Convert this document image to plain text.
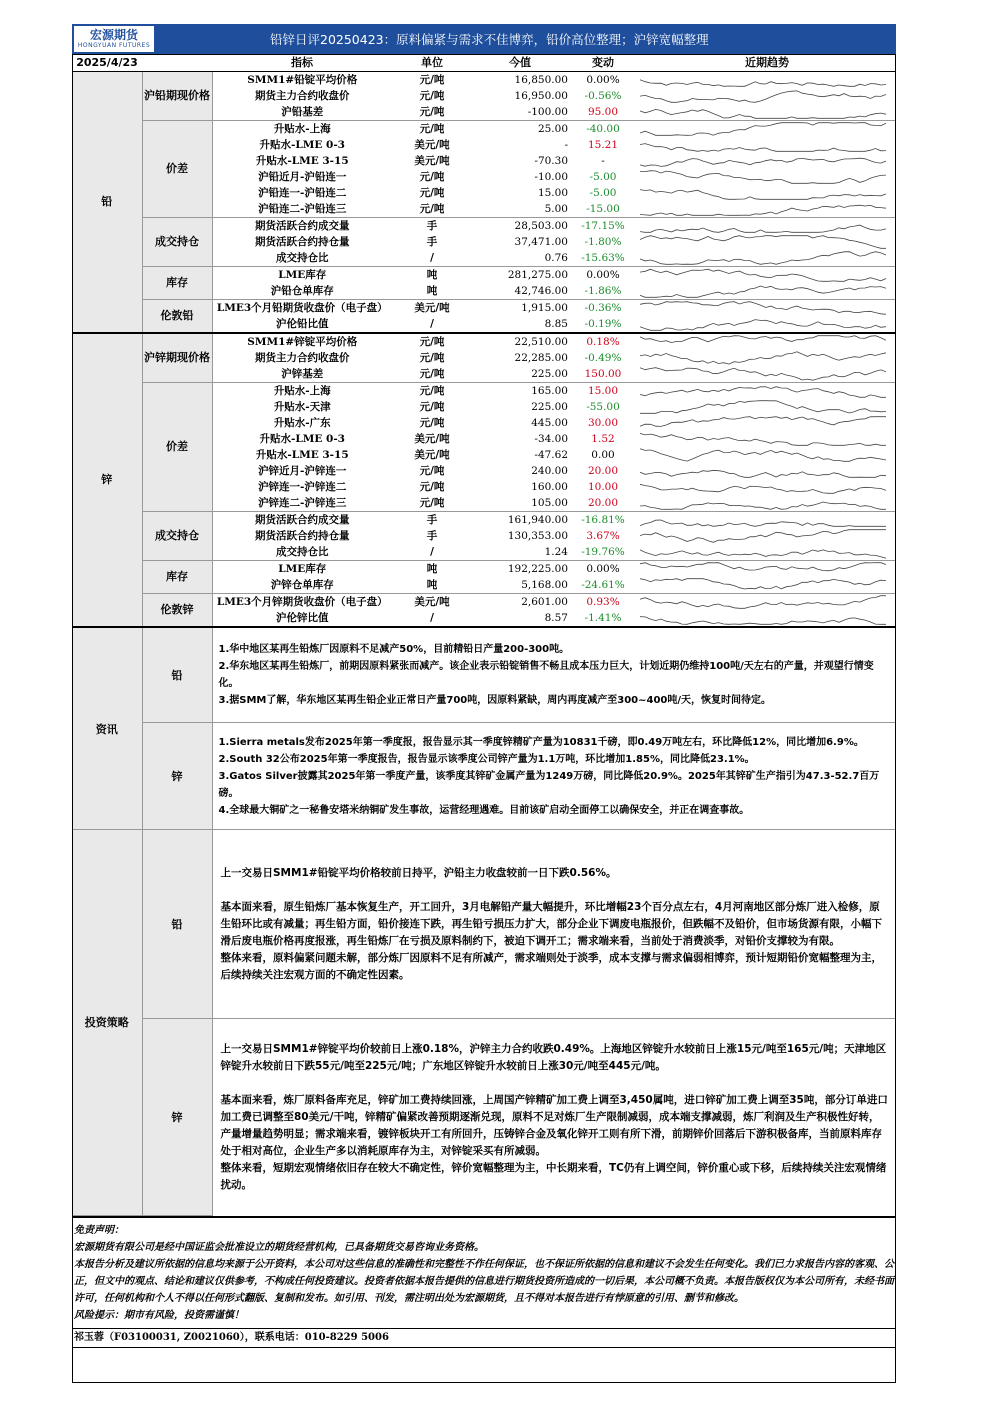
宏源期货
HONGYUAN FUTURES	铅锌日评20250423：原料偏紧与需求不佳博弈，铅价高位整理；沪锌宽幅整理
2025/4/23		指标	单位	今值	变动	近期趋势
铅	沪铅期现价格	SMM1#铅锭平均价格	元/吨	16,850.00	0.00%	

		期货主力合约收盘价	元/吨	16,950.00	-0.56%	

		沪铅基差	元/吨	-100.00	95.00	

	价差	升贴水-上海	元/吨	25.00	-40.00	

		升贴水-LME 0-3	美元/吨	-	15.21	

		升贴水-LME 3-15	美元/吨	-70.30	-	

		沪铅近月-沪铅连一	元/吨	-10.00	-5.00	

		沪铅连一-沪铅连二	元/吨	15.00	-5.00	

		沪铅连二-沪铅连三	元/吨	5.00	-15.00	

	成交持仓	期货活跃合约成交量	手	28,503.00	-17.15%	

		期货活跃合约持仓量	手	37,471.00	-1.80%	

		成交持仓比	/	0.76	-15.63%	

	库存	LME库存	吨	281,275.00	0.00%	

		沪铅仓单库存	吨	42,746.00	-1.86%	

	伦敦铅	LME3个月铅期货收盘价（电子盘）	美元/吨	1,915.00	-0.36%	

		沪伦铅比值	/	8.85	-0.19%	

锌	沪锌期现价格	SMM1#锌锭平均价格	元/吨	22,510.00	0.18%	

		期货主力合约收盘价	元/吨	22,285.00	-0.49%	

		沪锌基差	元/吨	225.00	150.00	

	价差	升贴水-上海	元/吨	165.00	15.00	

		升贴水-天津	元/吨	225.00	-55.00	

		升贴水-广东	元/吨	445.00	30.00	

		升贴水-LME 0-3	美元/吨	-34.00	1.52	

		升贴水-LME 3-15	美元/吨	-47.62	0.00	

		沪锌近月-沪锌连一	元/吨	240.00	20.00	

		沪锌连一-沪锌连二	元/吨	160.00	10.00	

		沪锌连二-沪锌连三	元/吨	105.00	20.00	

	成交持仓	期货活跃合约成交量	手	161,940.00	-16.81%	

		期货活跃合约持仓量	手	130,353.00	3.67%	

		成交持仓比	/	1.24	-19.76%	

	库存	LME库存	吨	192,225.00	0.00%	

		沪锌仓单库存	吨	5,168.00	-24.61%	

	伦敦锌	LME3个月锌期货收盘价（电子盘）	美元/吨	2,601.00	0.93%	

		沪伦锌比值	/	8.57	-1.41%	
资讯	铅	1.华中地区某再生铅炼厂因原料不足减产50%，目前精铅日产量200-300吨。

2.华东地区某再生铅炼厂，前期因原料紧张而减产。该企业表示铅锭销售不畅且成本压力巨大，计划近期仍维持100吨/天左右的产量，并观望行情变化。

3.据SMM了解，华东地区某再生铅企业正常日产量700吨，因原料紧缺，周内再度减产至300~400吨/天，恢复时间待定。

	锌	1.Sierra metals发布2025年第一季度报，报告显示其一季度锌精矿产量为10831千磅，即0.49万吨左右，环比降低12%，同比增加6.9%。

2.South 32公布2025年第一季度报告，报告显示该季度公司锌产量为1.1万吨，环比增加1.85%，同比降低23.1%。

3.Gatos Silver披露其2025年第一季度产量，该季度其锌矿金属产量为1249万磅，同比降低20.9%。2025年其锌矿生产指引为47.3-52.7百万磅。

4.全球最大铜矿之一秘鲁安塔米纳铜矿发生事故，运营经理遇难。目前该矿启动全面停工以确保安全，并正在调查事故。

投资策略	铅	上一交易日SMM1#铅锭平均价格较前日持平，沪铅主力收盘较前一日下跌0.56%。

基本面来看，原生铅炼厂基本恢复生产，开工回升，3月电解铅产量大幅提升，环比增幅23个百分点左右，4月河南地区部分炼厂进入检修，原生铅环比或有减量；再生铅方面，铅价接连下跌，再生铅亏损压力扩大，部分企业下调废电瓶报价，但跌幅不及铅价，但市场货源有限，小幅下滑后废电瓶价格再度报涨，再生铅炼厂在亏损及原料制约下，被迫下调开工；需求端来看，当前处于消费淡季，对铅价支撑较为有限。

整体来看，原料偏紧问题未解，部分炼厂因原料不足有所减产，需求端则处于淡季，成本支撑与需求偏弱相博弈，预计短期铅价宽幅整理为主，后续持续关注宏观方面的不确定性因素。

	锌	上一交易日SMM1#锌锭平均价较前日上涨0.18%，沪锌主力合约收跌0.49%。上海地区锌锭升水较前日上涨15元/吨至165元/吨；天津地区锌锭升水较前日下跌55元/吨至225元/吨；广东地区锌锭升水较前日上涨30元/吨至445元/吨。

基本面来看，炼厂原料备库充足，锌矿加工费持续回涨，上周国产锌精矿加工费上调至3,450属吨，进口锌矿加工费上调至35吨，部分订单进口加工费已调整至80美元/干吨，锌精矿偏紧改善预期逐渐兑现，原料不足对炼厂生产限制减弱，成本端支撑减弱，炼厂利润及生产积极性好转，产量增量趋势明显；需求端来看，镀锌板块开工有所回升，压铸锌合金及氧化锌开工则有所下滑，前期锌价回落后下游积极备库，当前原料库存处于相对高位，企业生产多以消耗原库存为主，对锌锭采买有所减弱。

整体来看，短期宏观情绪依旧存在较大不确定性，锌价宽幅整理为主，中长期来看，TC仍有上调空间，锌价重心或下移，后续持续关注宏观情绪扰动。

免责声明：

宏源期货有限公司是经中国证监会批准设立的期货经营机构，已具备期货交易咨询业务资格。

本报告分析及建议所依据的信息均来源于公开资料，本公司对这些信息的准确性和完整性不作任何保证，也不保证所依据的信息和建议不会发生任何变化。我们已力求报告内容的客观、公正，但文中的观点、结论和建议仅供参考，不构成任何投资建议。投资者依据本报告提供的信息进行期货投资所造成的一切后果，本公司概不负责。本报告版权仅为本公司所有，未经书面许可，任何机构和个人不得以任何形式翻版、复制和发布。如引用、刊发，需注明出处为宏源期货，且不得对本报告进行有悖原意的引用、删节和修改。

风险提示：期市有风险，投资需谨慎！

祁玉蓉（F03100031, Z0021060），联系电话：010-8229 5006
